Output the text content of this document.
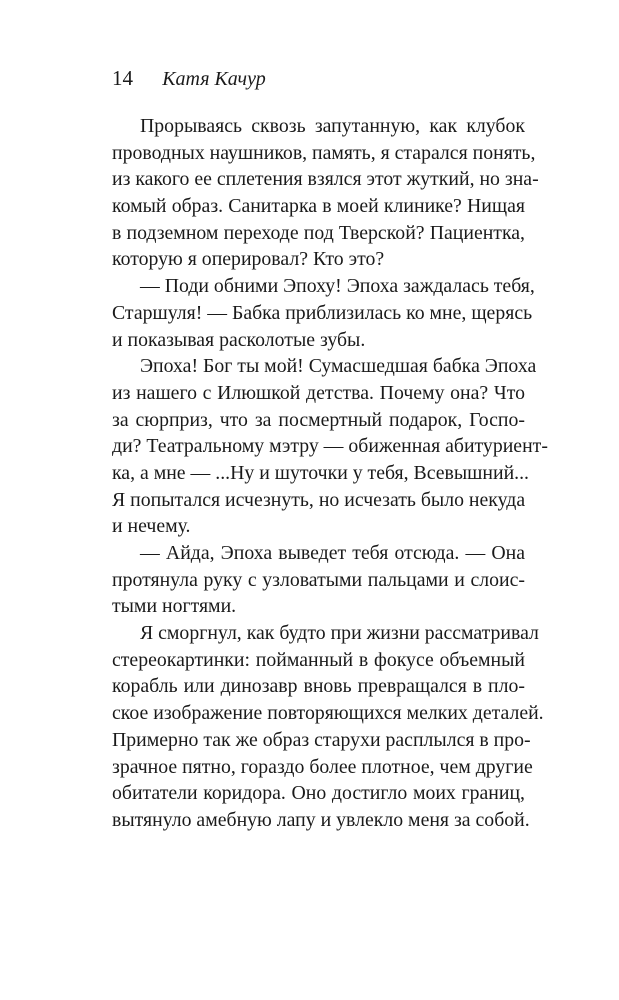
14 Катя Качур
Прорываясь сквозь запутанную, как клубок
проводных наушников, память, я старался понять,
из какого ее сплетения взялся этот жуткий, но зна-
комый образ. Санитарка в моей клинике? Нищая
в подземном переходе под Тверской? Пациентка,
которую я оперировал? Кто это?
— Поди обними Эпоху! Эпоха заждалась тебя,
Старшуля! — Бабка приблизилась ко мне, щерясь
и показывая расколотые зубы.
Эпоха! Бог ты мой! Сумасшедшая бабка Эпоха
из нашего с Илюшкой детства. Почему она? Что
за сюрприз, что за посмертный подарок, Госпо-
ди? Театральному мэтру — обиженная абитуриент-
ка, а мне — ...Ну и шуточки у тебя, Всевышний...
Я попытался исчезнуть, но исчезать было некуда
и нечему.
— Айда, Эпоха выведет тебя отсюда. — Она
протянула руку с узловатыми пальцами и слоис-
тыми ногтями.
Я сморгнул, как будто при жизни рассматривал
стереокартинки: пойманный в фокусе объемный
корабль или динозавр вновь превращался в пло-
ское изображение повторяющихся мелких деталей.
Примерно так же образ старухи расплылся в про-
зрачное пятно, гораздо более плотное, чем другие
обитатели коридора. Оно достигло моих границ,
вытянуло амебную лапу и увлекло меня за собой.
